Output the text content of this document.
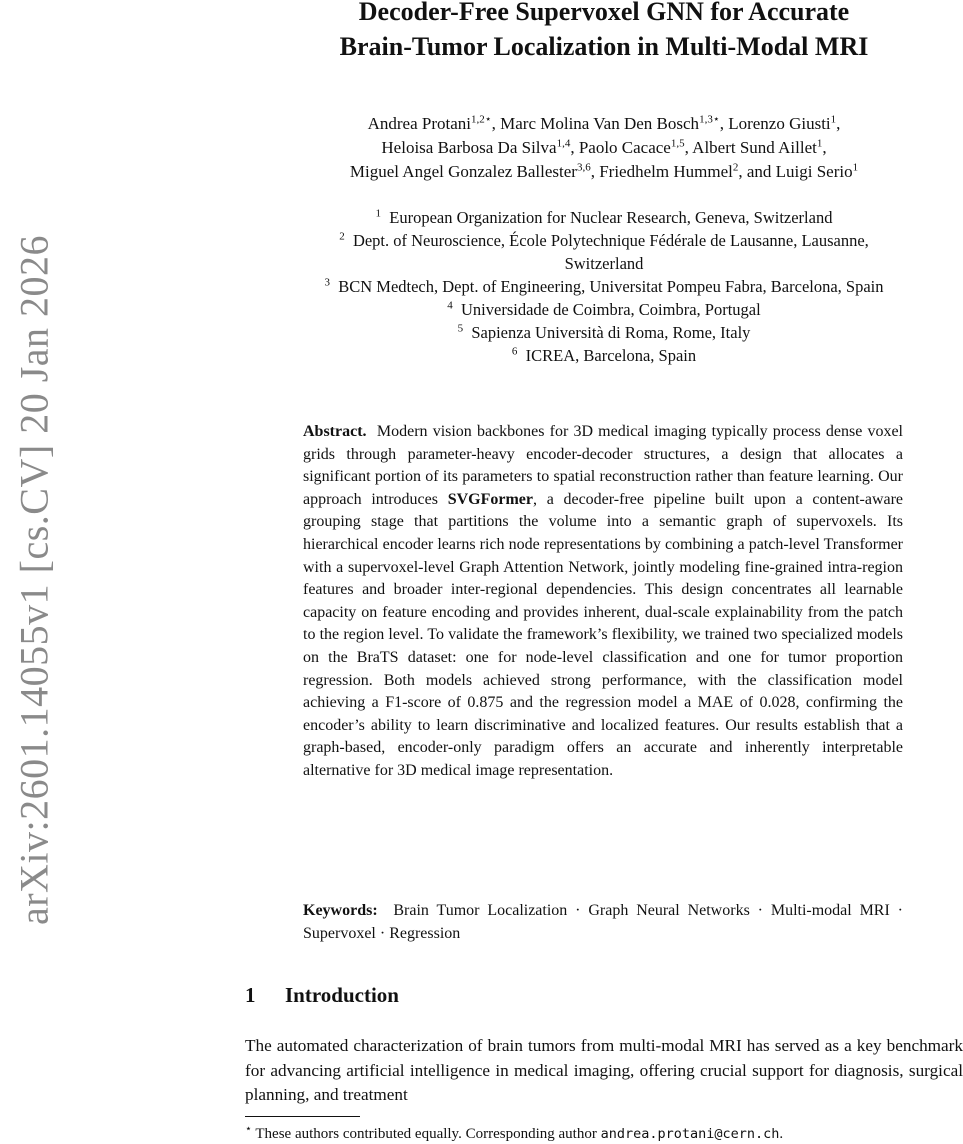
arXiv:2601.14055v1 [cs.CV] 20 Jan 2026
Decoder-Free Supervoxel GNN for Accurate
Brain-Tumor Localization in Multi-Modal MRI
Andrea Protani$^{1,2⋆}$, Marc Molina Van Den Bosch$^{1,3⋆}$, Lorenzo Giusti$^1$,
Heloisa Barbosa Da Silva$^{1,4}$, Paolo Cacace$^{1,5}$, Albert Sund Aillet$^1$,
Miguel Angel Gonzalez Ballester$^{3,6}$, Friedhelm Hummel$^2$, and Luigi Serio$^1$
$^1$ European Organization for Nuclear Research, Geneva, Switzerland
$^2$ Dept. of Neuroscience, École Polytechnique Fédérale de Lausanne, Lausanne,
Switzerland
$^3$ BCN Medtech, Dept. of Engineering, Universitat Pompeu Fabra, Barcelona, Spain
$^4$ Universidade de Coimbra, Coimbra, Portugal
$^5$ Sapienza Università di Roma, Rome, Italy
$^6$ ICREA, Barcelona, Spain
Abstract. Modern vision backbones for 3D medical imaging typically process dense voxel grids through parameter-heavy encoder-decoder structures, a design that allocates a significant portion of its parameters to spatial reconstruction rather than feature learning. Our approach introduces SVGFormer, a decoder-free pipeline built upon a content-aware grouping stage that partitions the volume into a semantic graph of supervoxels. Its hierarchical encoder learns rich node representations by combining a patch-level Transformer with a supervoxel-level Graph Attention Network, jointly modeling fine-grained intra-region features and broader inter-regional dependencies. This design concentrates all learnable capacity on feature encoding and provides inherent, dual-scale explainability from the patch to the region level. To validate the framework’s flexibility, we trained two specialized models on the BraTS dataset: one for node-level classification and one for tumor proportion regression. Both models achieved strong performance, with the classification model achieving a F1-score of 0.875 and the regression model a MAE of 0.028, confirming the encoder’s ability to learn discriminative and localized features. Our results establish that a graph-based, encoder-only paradigm offers an accurate and inherently interpretable alternative for 3D medical image representation.
Keywords: Brain Tumor Localization · Graph Neural Networks · Multi-modal MRI · Supervoxel · Regression
1 Introduction
The automated characterization of brain tumors from multi-modal MRI has served as a key benchmark for advancing artificial intelligence in medical imaging, offering crucial support for diagnosis, surgical planning, and treatment
⋆ These authors contributed equally. Corresponding author andrea.protani@cern.ch.
